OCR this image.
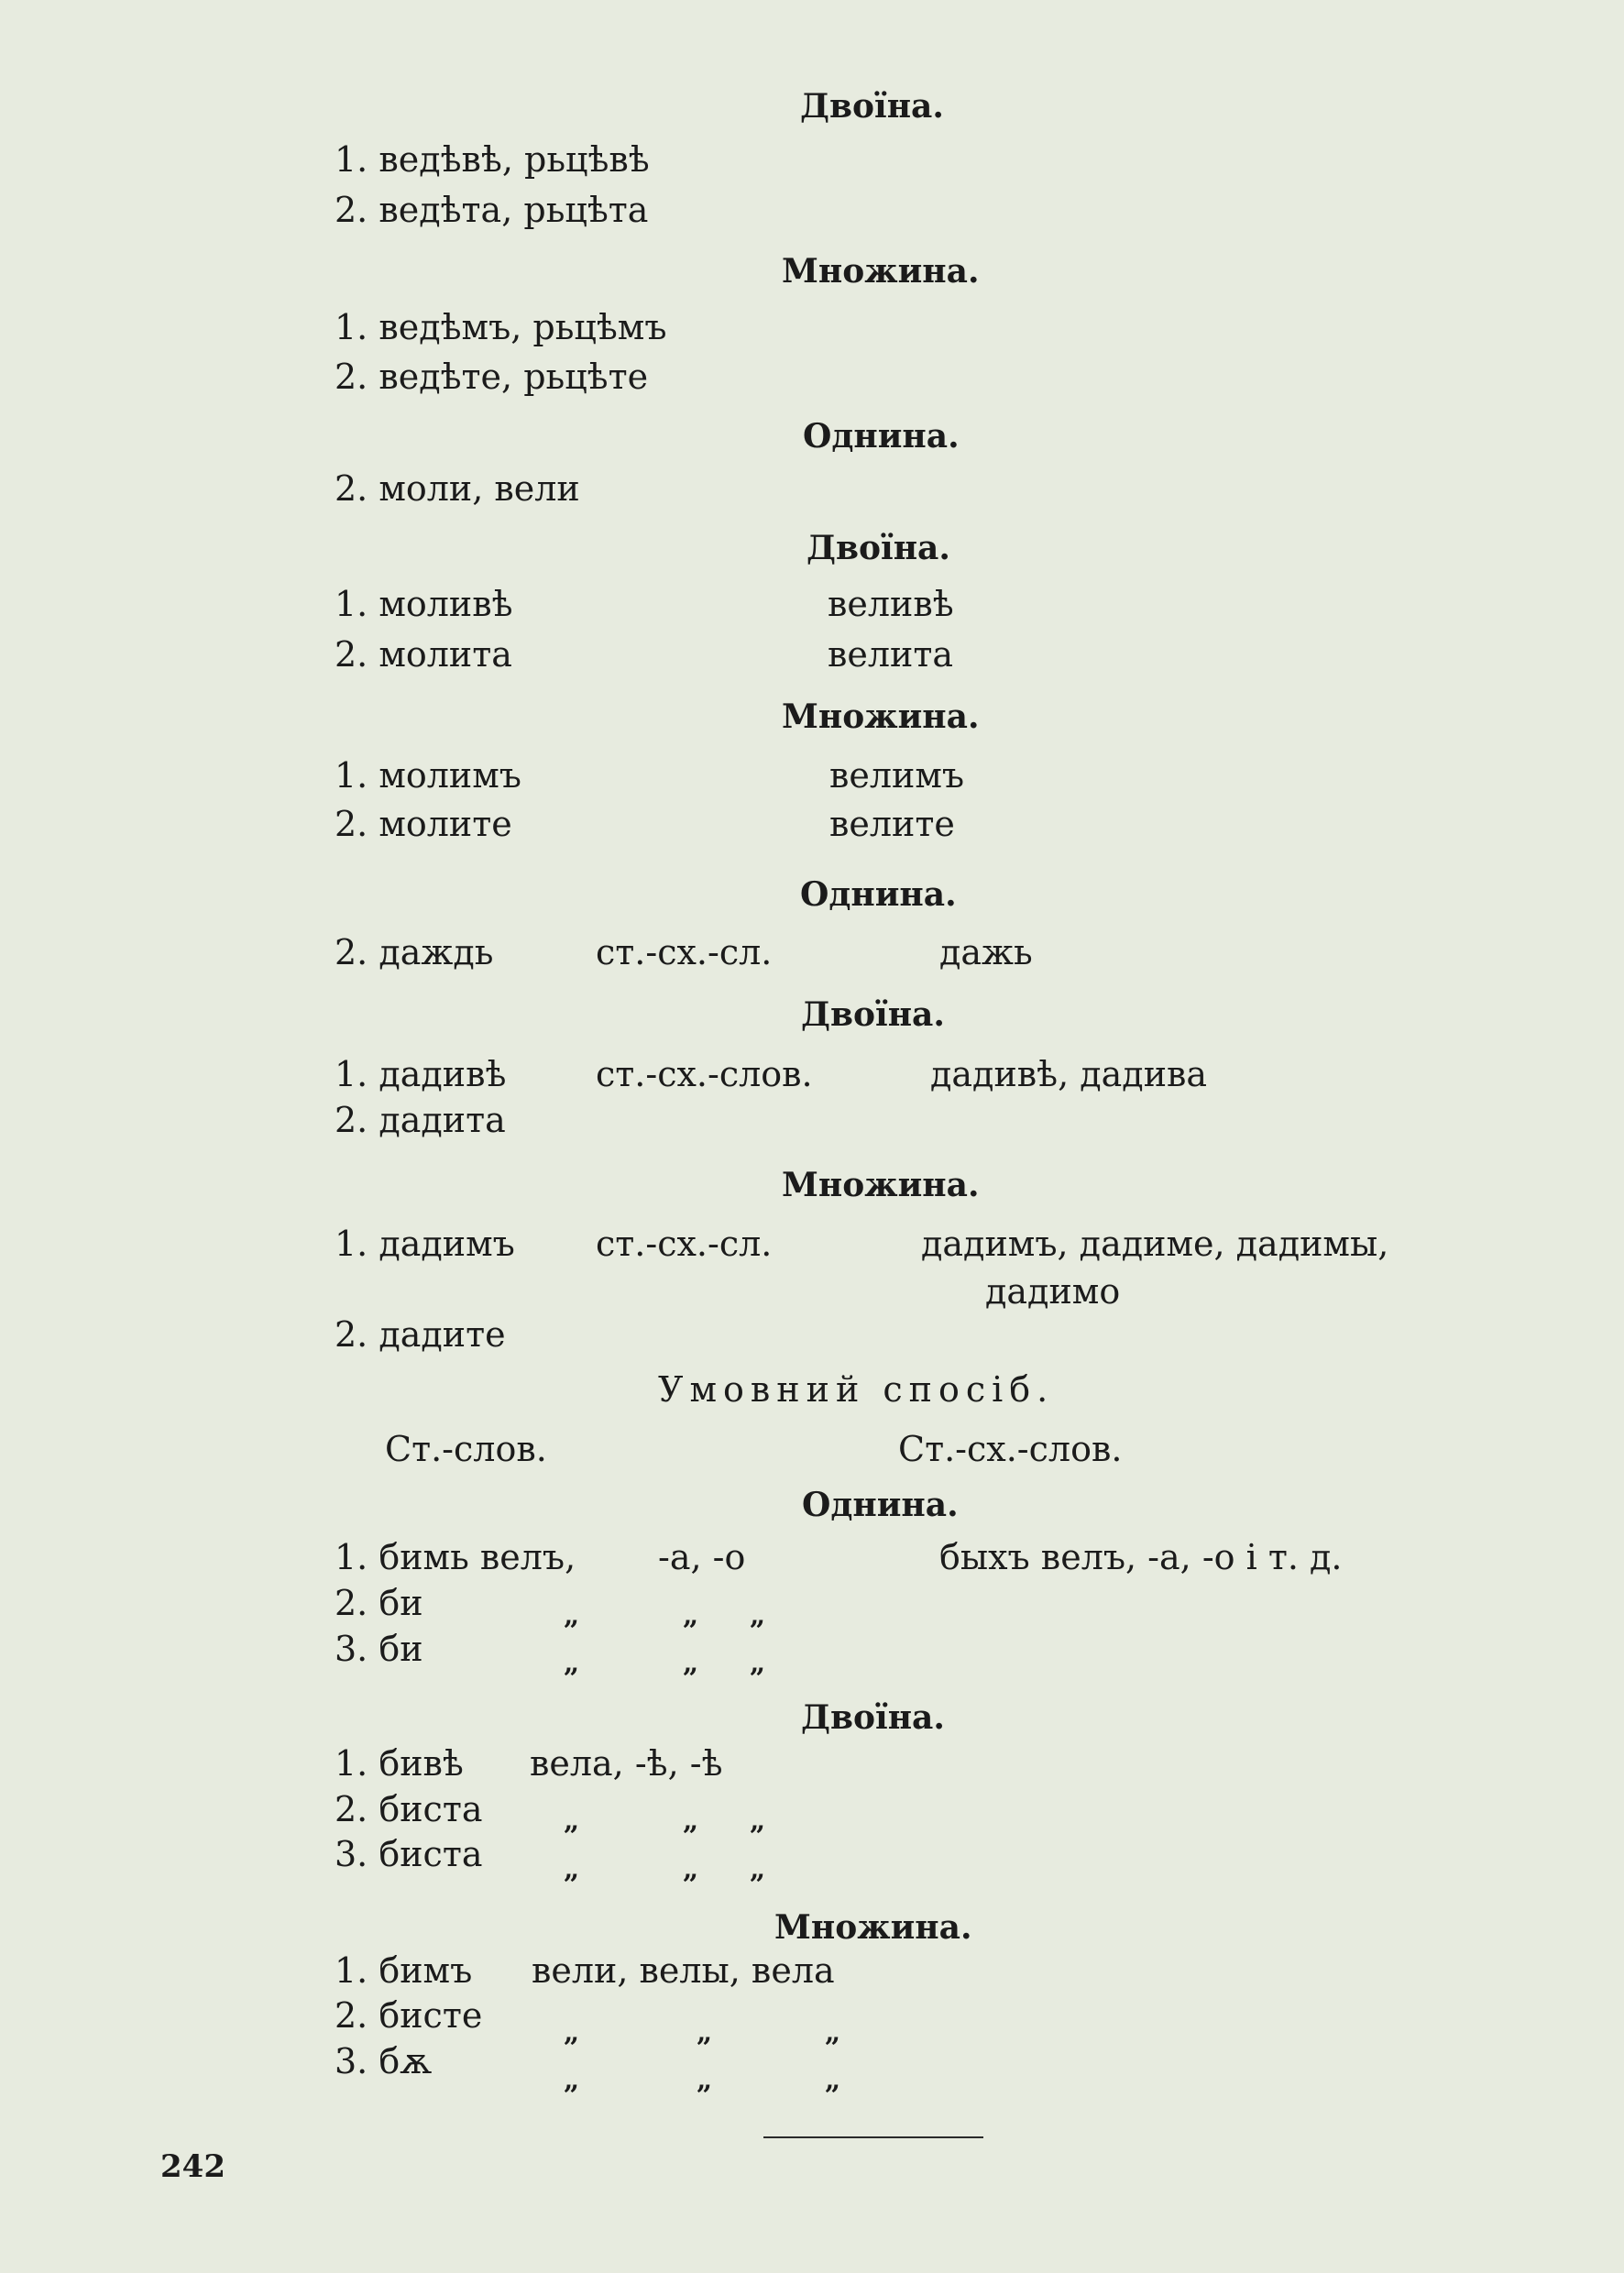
Двоїна.
1. ведѣвѣ, рьцѣвѣ
2. ведѣта, рьцѣта
Множина.
1. ведѣмъ, рьцѣмъ
2. ведѣте, рьцѣте
Однина.
2. моли, вели
Двоїна.
1. моливѣ	веливѣ
2. молита	велита
Множина.
1. молимъ	велимъ
2. молите	велите
Однина.
2. даждь	ст.-сх.-сл.	дажь
Двоїна.
1. дадивѣ	ст.-сх.-слов.	дадивѣ, дадива
2. дадита
Множина.
1. дадимъ ст.-сх.-сл.	дадимъ, дадиме, дадимы,
дадимо
2. дадите
Умовний спосіб.
Ст.-слов.	Ст.-сх.-слов.
Однина.
1. бимь велъ, -а, -о	быхъ велъ, -а, -о і т. д.
2. би	„	„ „
3. би	„	„ „
Двоїна.
1. бивѣ вела, -ѣ, -ѣ
2. биста	„	„ „
3. биста	„	„ „
Множина.
1. бимъ вели, велы, вела
2. бисте	„	„	„
3. бѫ	„	„	„
242
